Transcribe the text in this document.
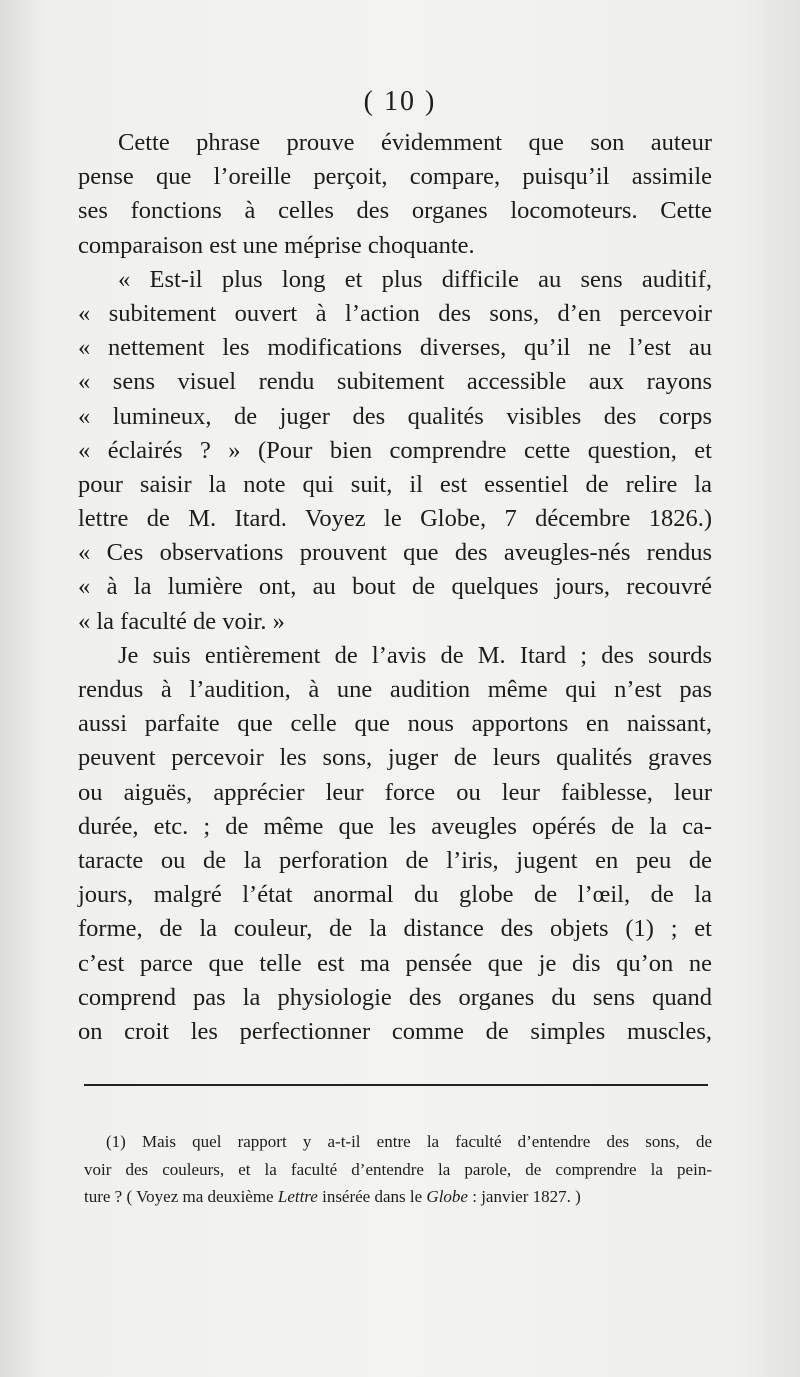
( 10 )
Cette phrase prouve évidemment que son auteur
pense que l’oreille perçoit, compare, puisqu’il assimile
ses fonctions à celles des organes locomoteurs. Cette
comparaison est une méprise choquante.
« Est-il plus long et plus difficile au sens auditif,
« subitement ouvert à l’action des sons, d’en percevoir
« nettement les modifications diverses, qu’il ne l’est au
« sens visuel rendu subitement accessible aux rayons
« lumineux, de juger des qualités visibles des corps
« éclairés ? » (Pour bien comprendre cette question, et
pour saisir la note qui suit, il est essentiel de relire la
lettre de M. Itard. Voyez le Globe, 7 décembre 1826.)
« Ces observations prouvent que des aveugles-nés rendus
« à la lumière ont, au bout de quelques jours, recouvré
« la faculté de voir. »
Je suis entièrement de l’avis de M. Itard ; des sourds
rendus à l’audition, à une audition même qui n’est pas
aussi parfaite que celle que nous apportons en naissant,
peuvent percevoir les sons, juger de leurs qualités graves
ou aiguës, apprécier leur force ou leur faiblesse, leur
durée, etc. ; de même que les aveugles opérés de la ca-
taracte ou de la perforation de l’iris, jugent en peu de
jours, malgré l’état anormal du globe de l’œil, de la
forme, de la couleur, de la distance des objets (1) ; et
c’est parce que telle est ma pensée que je dis qu’on ne
comprend pas la physiologie des organes du sens quand
on croit les perfectionner comme de simples muscles,
(1) Mais quel rapport y a-t-il entre la faculté d’entendre des sons, de
voir des couleurs, et la faculté d’entendre la parole, de comprendre la pein-
ture ? ( Voyez ma deuxième Lettre insérée dans le Globe : janvier 1827. )
